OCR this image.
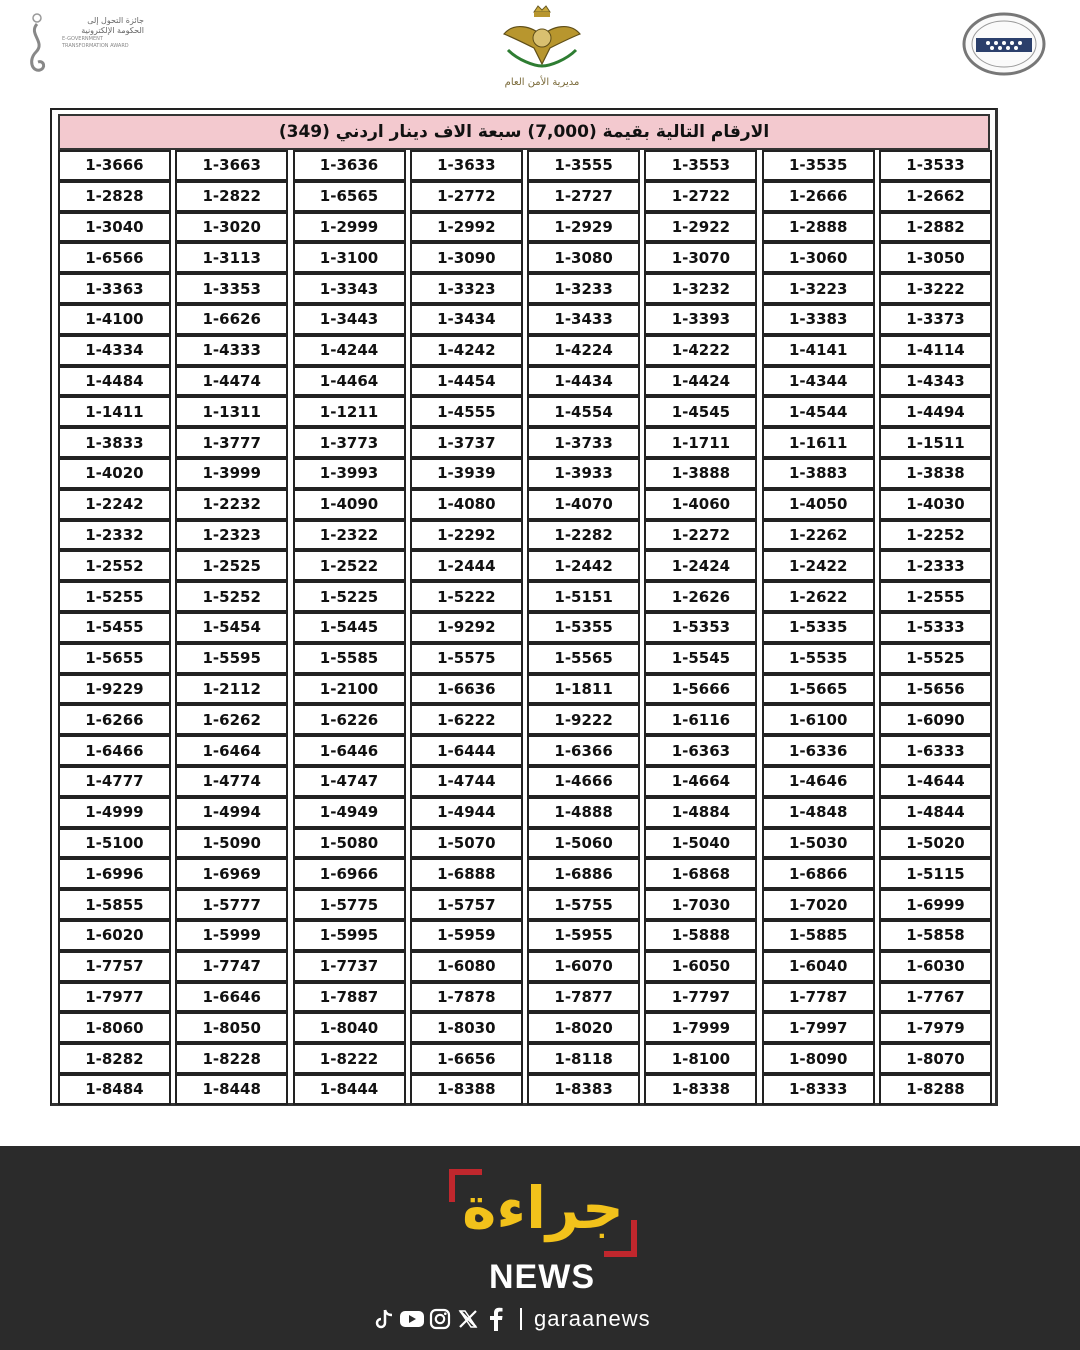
جائزة التحول إلى
الحكومة الإلكترونية
E-GOVERNMENT TRANSFORMATION AWARD
مديرية الأمن العام
الارقام التالية بقيمة (7,000) سبعة الاف دينار اردني (349)
1-3533
1-3535
1-3553
1-3555
1-3633
1-3636
1-3663
1-3666
1-2662
1-2666
1-2722
1-2727
1-2772
1-6565
1-2822
1-2828
1-2882
1-2888
1-2922
1-2929
1-2992
1-2999
1-3020
1-3040
1-3050
1-3060
1-3070
1-3080
1-3090
1-3100
1-3113
1-6566
1-3222
1-3223
1-3232
1-3233
1-3323
1-3343
1-3353
1-3363
1-3373
1-3383
1-3393
1-3433
1-3434
1-3443
1-6626
1-4100
1-4114
1-4141
1-4222
1-4224
1-4242
1-4244
1-4333
1-4334
1-4343
1-4344
1-4424
1-4434
1-4454
1-4464
1-4474
1-4484
1-4494
1-4544
1-4545
1-4554
1-4555
1-1211
1-1311
1-1411
1-1511
1-1611
1-1711
1-3733
1-3737
1-3773
1-3777
1-3833
1-3838
1-3883
1-3888
1-3933
1-3939
1-3993
1-3999
1-4020
1-4030
1-4050
1-4060
1-4070
1-4080
1-4090
1-2232
1-2242
1-2252
1-2262
1-2272
1-2282
1-2292
1-2322
1-2323
1-2332
1-2333
1-2422
1-2424
1-2442
1-2444
1-2522
1-2525
1-2552
1-2555
1-2622
1-2626
1-5151
1-5222
1-5225
1-5252
1-5255
1-5333
1-5335
1-5353
1-5355
1-9292
1-5445
1-5454
1-5455
1-5525
1-5535
1-5545
1-5565
1-5575
1-5585
1-5595
1-5655
1-5656
1-5665
1-5666
1-1811
1-6636
1-2100
1-2112
1-9229
1-6090
1-6100
1-6116
1-9222
1-6222
1-6226
1-6262
1-6266
1-6333
1-6336
1-6363
1-6366
1-6444
1-6446
1-6464
1-6466
1-4644
1-4646
1-4664
1-4666
1-4744
1-4747
1-4774
1-4777
1-4844
1-4848
1-4884
1-4888
1-4944
1-4949
1-4994
1-4999
1-5020
1-5030
1-5040
1-5060
1-5070
1-5080
1-5090
1-5100
1-5115
1-6866
1-6868
1-6886
1-6888
1-6966
1-6969
1-6996
1-6999
1-7020
1-7030
1-5755
1-5757
1-5775
1-5777
1-5855
1-5858
1-5885
1-5888
1-5955
1-5959
1-5995
1-5999
1-6020
1-6030
1-6040
1-6050
1-6070
1-6080
1-7737
1-7747
1-7757
1-7767
1-7787
1-7797
1-7877
1-7878
1-7887
1-6646
1-7977
1-7979
1-7997
1-7999
1-8020
1-8030
1-8040
1-8050
1-8060
1-8070
1-8090
1-8100
1-8118
1-6656
1-8222
1-8228
1-8282
1-8288
1-8333
1-8338
1-8383
1-8388
1-8444
1-8448
1-8484
جراءة
NEWS
garaanews
